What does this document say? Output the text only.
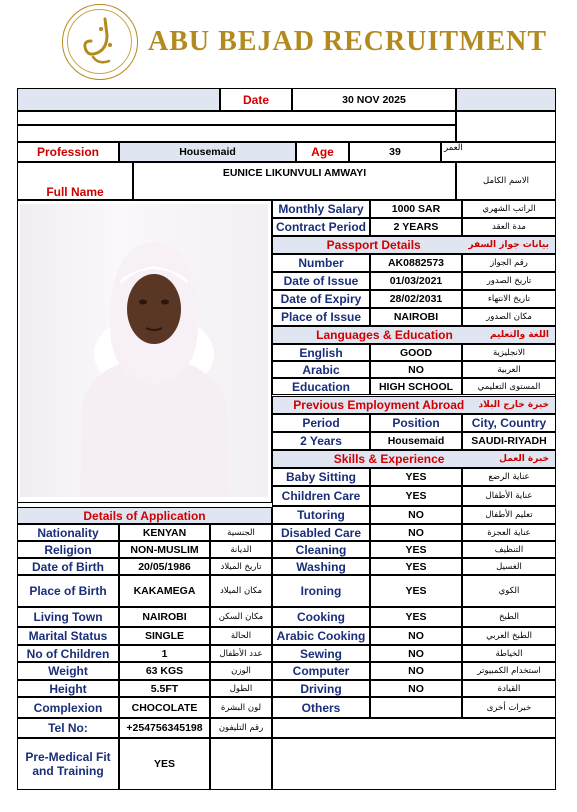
ABU BEJAD RECRUITMENT
Date	30 NOV 2025
Profession	Housemaid	Age	39	العمر
Full Name
EUNICE LIKUNVULI AMWAYI
الاسم الكامل
Details of Application
Nationality	KENYAN	الجنسية
Religion	NON-MUSLIM	الديانة
Date of Birth	20/05/1986	تاريخ الميلاد
Place of Birth	KAKAMEGA	مكان الميلاد
Living Town	NAIROBI	مكان السكن
Marital Status	SINGLE	الحالة
No of Children	1	عدد الأطفال
Weight	63 KGS	الوزن
Height	5.5FT	الطول
Complexion	CHOCOLATE	لون البشرة
Tel No:	+254756345198	رقم التليفون
Pre-Medical Fit and Training	YES
Monthly Salary	1000 SAR	الراتب الشهري
Contract Period	2 YEARS	مدة العقد
Passport Details	بيانات جواز السفر
Number	AK0882573	رقم الجواز
Date of Issue	01/03/2021	تاريخ الصدور
Date of Expiry	28/02/2031	تاريخ الانتهاء
Place of Issue	NAIROBI	مكان الصدور
Languages & Education	اللغة والتعليم
English	GOOD	الانجليزية
Arabic	NO	العربية
Education	HIGH SCHOOL	المستوى التعليمي
Previous Employment Abroad	خبرة خارج البلاد
Period	Position	City, Country
2 Years	Housemaid	SAUDI-RIYADH
Skills & Experience	خبرة العمل
Baby Sitting	YES	عناية الرضع
Children Care	YES	عناية الأطفال
Tutoring	NO	تعليم الأطفال
Disabled Care	NO	عناية العجزة
Cleaning	YES	التنظيف
Washing	YES	الغسيل
Ironing	YES	الكوي
Cooking	YES	الطبخ
Arabic Cooking	NO	الطبخ العربي
Sewing	NO	الخياطة
Computer	NO	استخدام الكمبيوتر
Driving	NO	القيادة
Others	خبرات أخرى
